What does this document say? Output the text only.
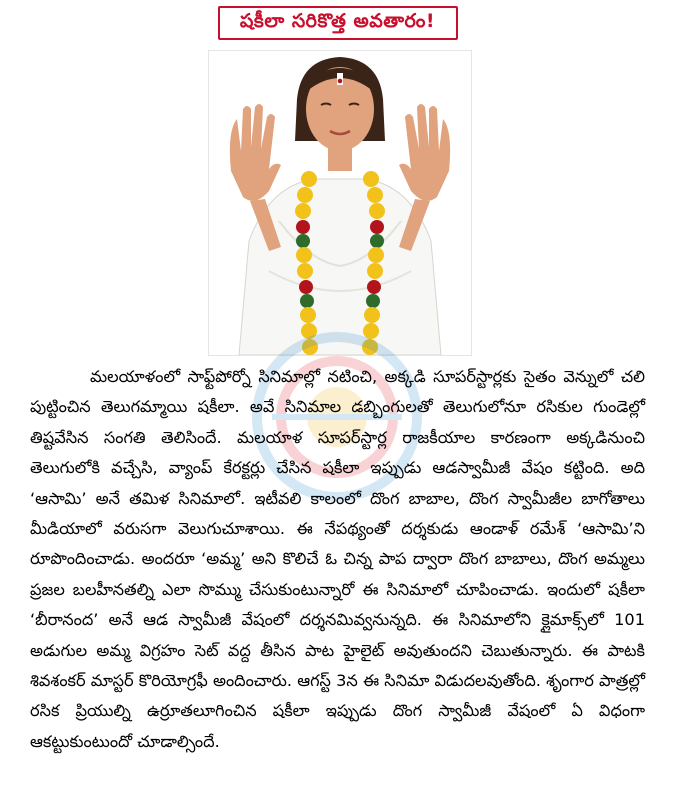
షకీలా సరికొత్త అవతారం!

మలయాళంలో సాఫ్ట్‌పోర్నో సినిమాల్లో నటించి, అక్కడి సూపర్‌స్టార్లకు సైతం వెన్నులో చలి పుట్టించిన తెలుగమ్మాయి షకీలా. అవే సినిమాల డబ్బింగులతో తెలుగులోనూ రసికుల గుండెల్లో తిష్టవేసిన సంగతి తెలిసిందే. మలయాళ సూపర్‌స్టార్ల రాజకీయాల కారణంగా అక్కడినుంచి తెలుగులోకి వచ్చేసి, వ్యాంప్ కేరక్టర్లు చేసిన షకీలా ఇప్పుడు ఆడస్వామీజీ వేషం కట్టింది. అది ‘ఆసామి’ అనే తమిళ సినిమాలో. ఇటీవలి కాలంలో దొంగ బాబాల, దొంగ స్వామీజీల బాగోతాలు మీడియాలో వరుసగా వెలుగుచూశాయి. ఈ నేపథ్యంతో దర్శకుడు ఆండాళ్ రమేశ్ ‘ఆసామి’ని రూపొందించాడు. అందరూ ‘అమ్మ’ అని కొలిచే ఓ చిన్న పాప ద్వారా దొంగ బాబాలు, దొంగ అమ్మలు ప్రజల బలహీనతల్ని ఎలా సొమ్ము చేసుకుంటున్నారో ఈ సినిమాలో చూపించాడు. ఇందులో షకీలా ‘బీరానంద’ అనే ఆడ స్వామీజీ వేషంలో దర్శనమివ్వనున్నది. ఈ సినిమాలోని క్లైమాక్స్‌లో 101 అడుగుల అమ్మ విగ్రహం సెట్ వద్ద తీసిన పాట హైలైట్ అవుతుందని చెబుతున్నారు. ఈ పాటకి శివశంకర్ మాస్టర్ కొరియోగ్రఫీ అందించారు. ఆగస్ట్ 3న ఈ సినిమా విడుదలవుతోంది. శృంగార పాత్రల్లో రసిక ప్రియుల్ని ఉర్రూతలూగించిన షకీలా ఇప్పుడు దొంగ స్వామీజీ వేషంలో ఏ విధంగా ఆకట్టుకుంటుందో చూడాల్సిందే.
